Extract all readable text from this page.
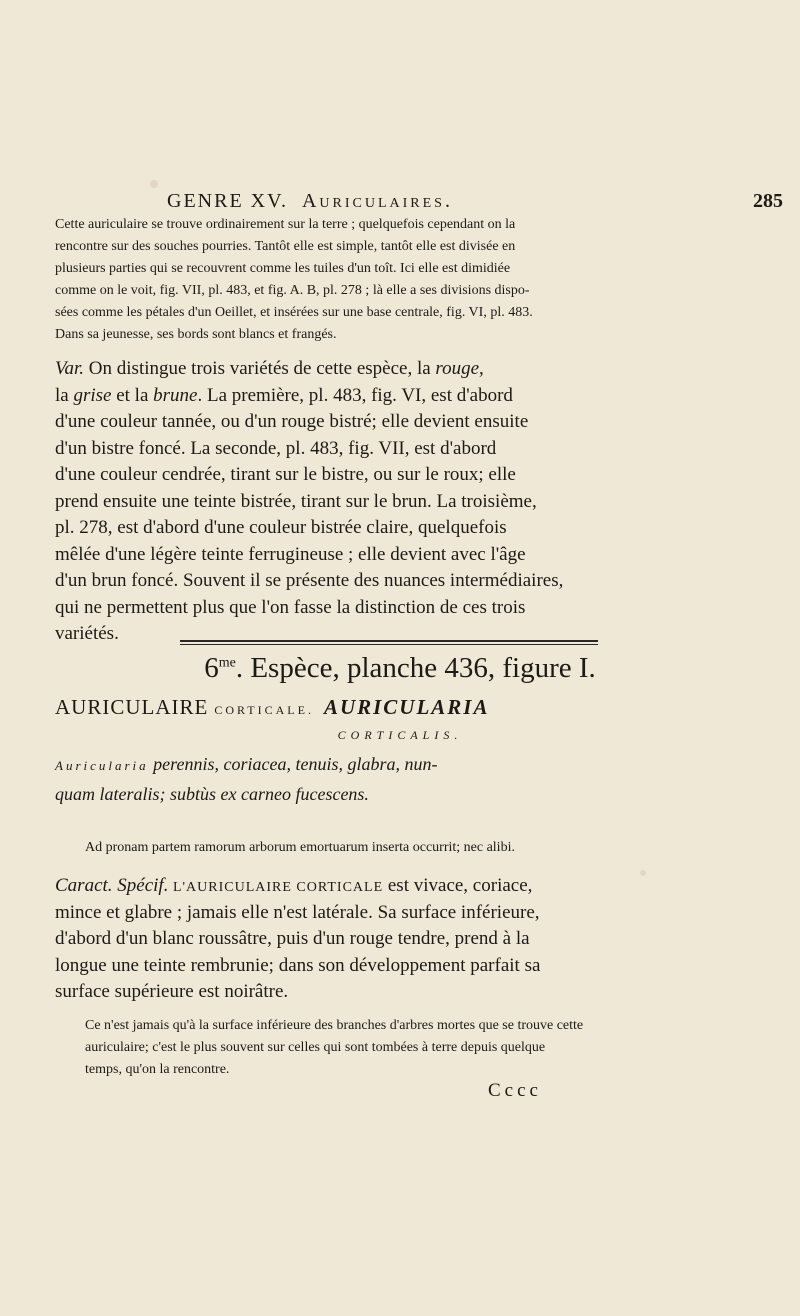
GENRE XV. Auriculaires.	285

Cette auriculaire se trouve ordinairement sur la terre ; quelquefois cependant on la

rencontre sur des souches pourries. Tantôt elle est simple, tantôt elle est divisée en

plusieurs parties qui se recouvrent comme les tuiles d'un toît. Ici elle est dimidiée

comme on le voit, fig. VII, pl. 483, et fig. A. B, pl. 278 ; là elle a ses divisions dispo-

sées comme les pétales d'un Oeillet, et insérées sur une base centrale, fig. VI, pl. 483.

Dans sa jeunesse, ses bords sont blancs et frangés.

Var. On distingue trois variétés de cette espèce, la rouge,

la grise et la brune. La première, pl. 483, fig. VI, est d'abord

d'une couleur tannée, ou d'un rouge bistré; elle devient ensuite

d'un bistre foncé. La seconde, pl. 483, fig. VII, est d'abord

d'une couleur cendrée, tirant sur le bistre, ou sur le roux; elle

prend ensuite une teinte bistrée, tirant sur le brun. La troisième,

pl. 278, est d'abord d'une couleur bistrée claire, quelquefois

mêlée d'une légère teinte ferrugineuse ; elle devient avec l'âge

d'un brun foncé. Souvent il se présente des nuances intermédiaires,

qui ne permettent plus que l'on fasse la distinction de ces trois

variétés.

$6^{me}$. Espèce, planche 436, figure I.
AURICULAIRE CORTICALE. AURICULARIA
CORTICALIS.
Auricularia perennis, coriacea, tenuis, glabra, nun-
quam lateralis; subtùs ex carneo fucescens.
Ad pronam partem ramorum arborum emortuarum inserta occurrit; nec alibi.

Caract. Spécif. L'AURICULAIRE CORTICALE est vivace, coriace,

mince et glabre ; jamais elle n'est latérale. Sa surface inférieure,

d'abord d'un blanc roussâtre, puis d'un rouge tendre, prend à la

longue une teinte rembrunie; dans son développement parfait sa

surface supérieure est noirâtre.

Ce n'est jamais qu'à la surface inférieure des branches d'arbres mortes que se trouve cette

auriculaire; c'est le plus souvent sur celles qui sont tombées à terre depuis quelque

temps, qu'on la rencontre.

Cccc
